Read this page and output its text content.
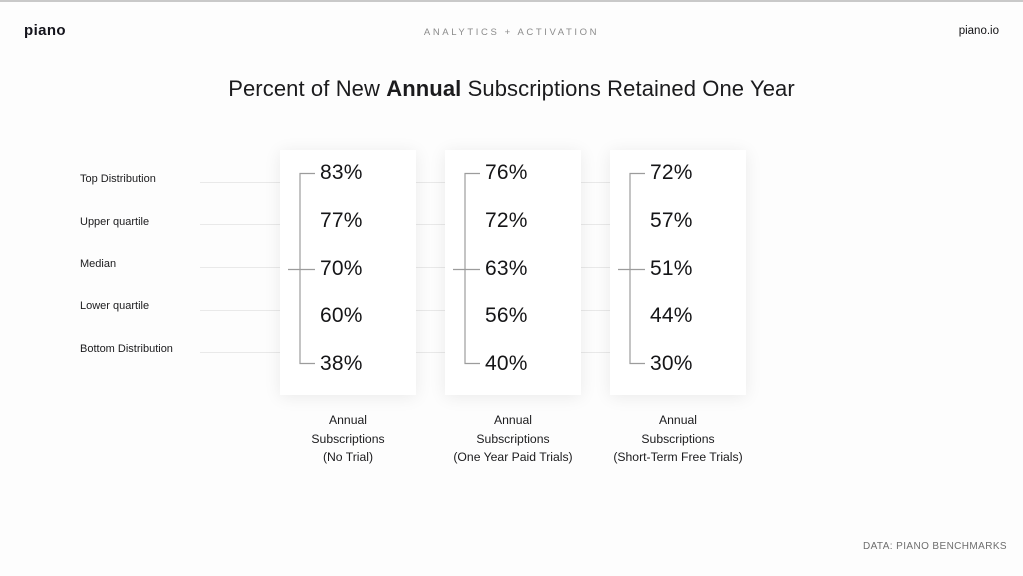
piano	ANALYTICS + ACTIVATION	piano.io
Percent of New Annual Subscriptions Retained One Year
Top Distribution
Upper quartile
Median
Lower quartile
Bottom Distribution
83%
77%
70%
60%
38%
76%
72%
63%
56%
40%
72%
57%
51%
44%
30%
Annual
Subscriptions
(No Trial)
Annual
Subscriptions
(One Year Paid Trials)
Annual
Subscriptions
(Short-Term Free Trials)
DATA: PIANO BENCHMARKS
